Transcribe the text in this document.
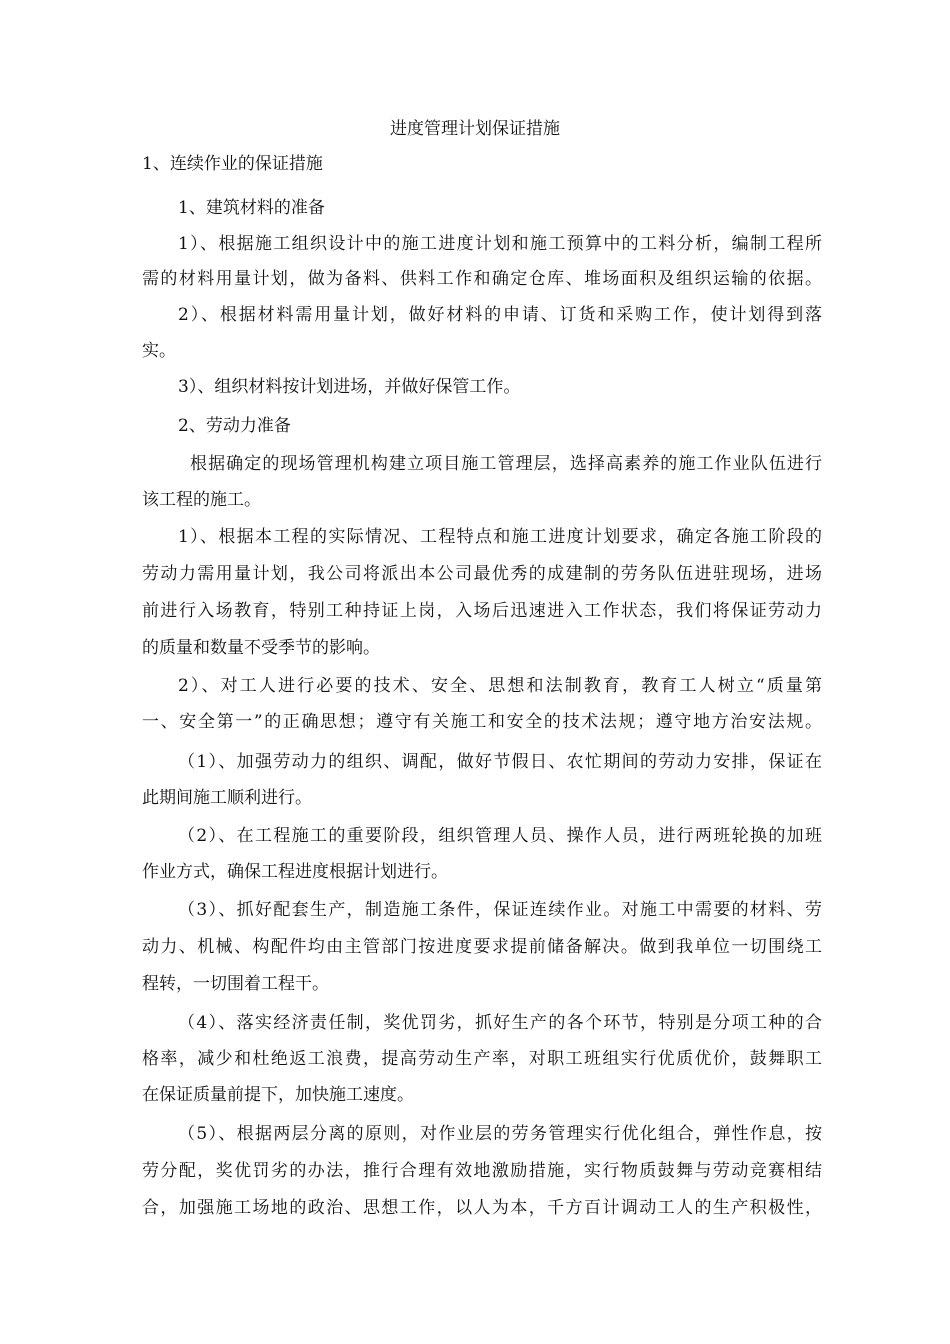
进度管理计划保证措施
1、连续作业的保证措施
1、建筑材料的准备
1）、根据施工组织设计中的施工进度计划和施工预算中的工料分析，编制工程所
需的材料用量计划，做为备料、供料工作和确定仓库、堆场面积及组织运输的依据。
2）、根据材料需用量计划，做好材料的申请、订货和采购工作，使计划得到落
实。
3）、组织材料按计划进场，并做好保管工作。
2、劳动力准备
根据确定的现场管理机构建立项目施工管理层，选择高素养的施工作业队伍进行
该工程的施工。
1）、根据本工程的实际情况、工程特点和施工进度计划要求，确定各施工阶段的
劳动力需用量计划，我公司将派出本公司最优秀的成建制的劳务队伍进驻现场，进场
前进行入场教育，特别工种持证上岗，入场后迅速进入工作状态，我们将保证劳动力
的质量和数量不受季节的影响。
2）、对工人进行必要的技术、安全、思想和法制教育，教育工人树立“质量第
一、安全第一”的正确思想；遵守有关施工和安全的技术法规；遵守地方治安法规。
（1）、加强劳动力的组织、调配，做好节假日、农忙期间的劳动力安排，保证在
此期间施工顺利进行。
（2）、在工程施工的重要阶段，组织管理人员、操作人员，进行两班轮换的加班
作业方式，确保工程进度根据计划进行。
（3）、抓好配套生产，制造施工条件，保证连续作业。对施工中需要的材料、劳
动力、机械、构配件均由主管部门按进度要求提前储备解决。做到我单位一切围绕工
程转，一切围着工程干。
（4）、落实经济责任制，奖优罚劣，抓好生产的各个环节，特别是分项工种的合
格率，减少和杜绝返工浪费，提高劳动生产率，对职工班组实行优质优价，鼓舞职工
在保证质量前提下，加快施工速度。
（5）、根据两层分离的原则，对作业层的劳务管理实行优化组合，弹性作息，按
劳分配，奖优罚劣的办法，推行合理有效地激励措施，实行物质鼓舞与劳动竞赛相结
合，加强施工场地的政治、思想工作，以人为本，千方百计调动工人的生产积极性，
